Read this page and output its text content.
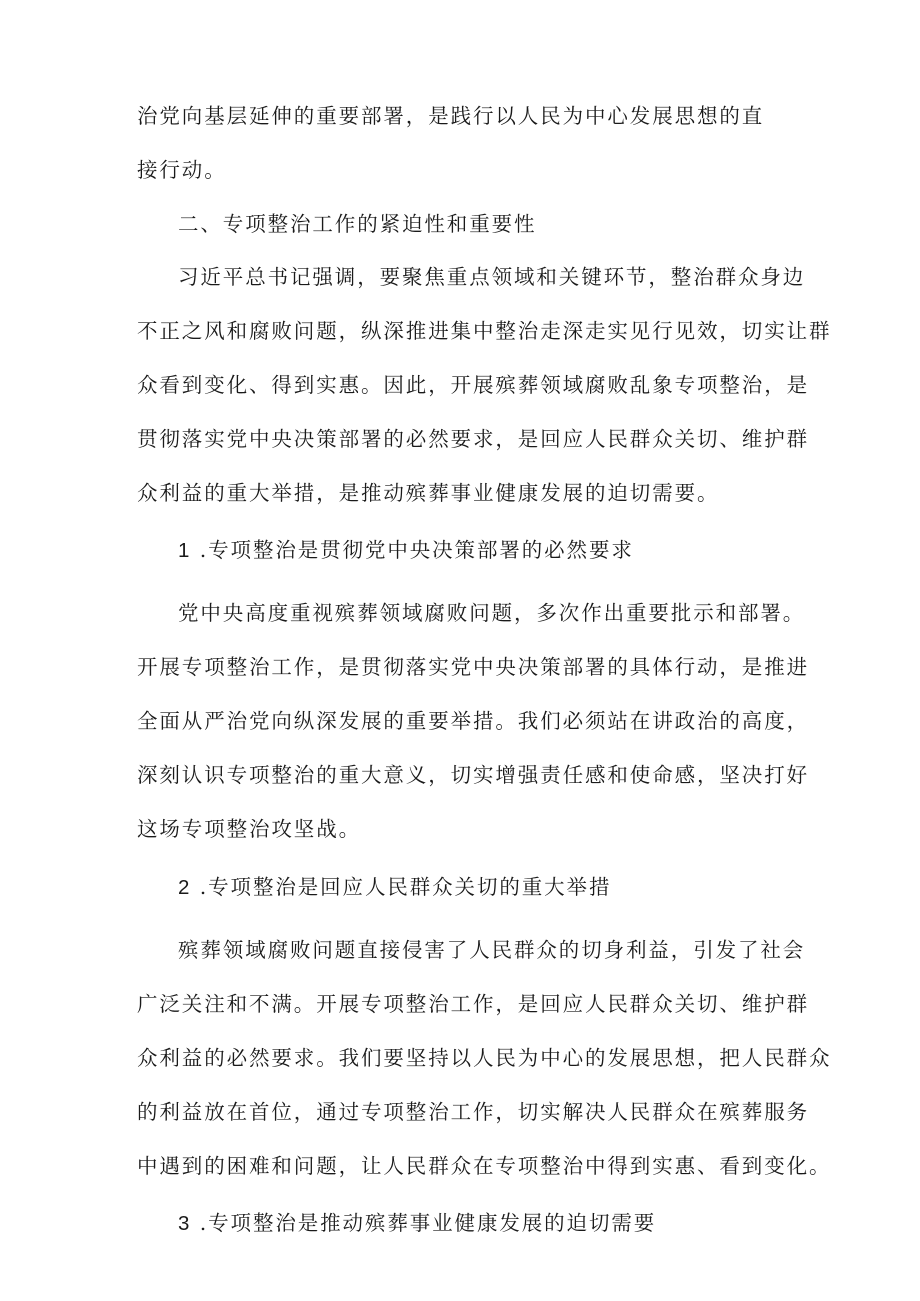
治党向基层延伸的重要部署，是践行以人民为中心发展思想的直
接行动。
二、专项整治工作的紧迫性和重要性
习近平总书记强调，要聚焦重点领域和关键环节，整治群众身边
不正之风和腐败问题，纵深推进集中整治走深走实见行见效，切实让群
众看到变化、得到实惠。因此，开展殡葬领域腐败乱象专项整治，是
贯彻落实党中央决策部署的必然要求，是回应人民群众关切、维护群
众利益的重大举措，是推动殡葬事业健康发展的迫切需要。
1 .专项整治是贯彻党中央决策部署的必然要求
党中央高度重视殡葬领域腐败问题，多次作出重要批示和部署。
开展专项整治工作，是贯彻落实党中央决策部署的具体行动，是推进
全面从严治党向纵深发展的重要举措。我们必须站在讲政治的高度，
深刻认识专项整治的重大意义，切实增强责任感和使命感，坚决打好
这场专项整治攻坚战。
2 .专项整治是回应人民群众关切的重大举措
殡葬领域腐败问题直接侵害了人民群众的切身利益，引发了社会
广泛关注和不满。开展专项整治工作，是回应人民群众关切、维护群
众利益的必然要求。我们要坚持以人民为中心的发展思想，把人民群众
的利益放在首位，通过专项整治工作，切实解决人民群众在殡葬服务
中遇到的困难和问题，让人民群众在专项整治中得到实惠、看到变化。
3 .专项整治是推动殡葬事业健康发展的迫切需要
